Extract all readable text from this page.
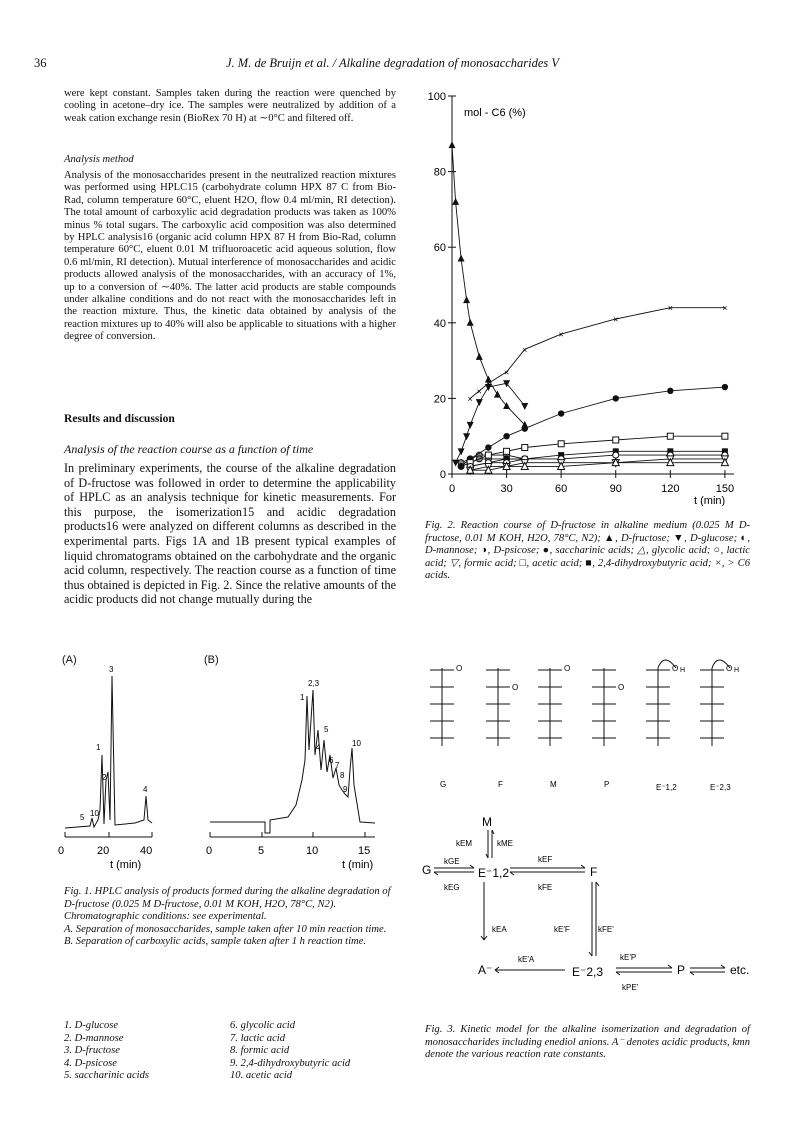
36	J. M. de Bruijn et al. / Alkaline degradation of monosaccharides V
were kept constant. Samples taken during the reaction were quenched by cooling in acetone–dry ice. The samples were neutralized by addition of a weak cation exchange resin (BioRex 70 H) at ∼0°C and filtered off.
Analysis method
Analysis of the monosaccharides present in the neutralized reaction mixtures was performed using HPLC15 (carbohydrate column HPX 87 C from Bio-Rad, column temperature 60°C, eluent H2O, flow 0.4 ml/min, RI detection). The total amount of carboxylic acid degradation products was taken as 100% minus % total sugars. The carboxylic acid composition was also determined by HPLC analysis16 (organic acid column HPX 87 H from Bio-Rad, column temperature 60°C, eluent 0.01 M trifluoroacetic acid aqueous solution, flow 0.6 ml/min, RI detection). Mutual interference of monosaccharides and acidic products allowed analysis of the monosaccharides, with an accuracy of 1%, up to a conversion of ∼40%. The latter acid products are stable compounds under alkaline conditions and do not react with the monosaccharides left in the reaction mixture. Thus, the kinetic data obtained by analysis of the reaction mixtures up to 40% will also be applicable to situations with a higher degree of conversion.
Results and discussion
Analysis of the reaction course as a function of time
In preliminary experiments, the course of the alkaline degradation of D-fructose was followed in order to determine the applicability of HPLC as an analysis technique for kinetic measurements. For this purpose, the isomerization15 and acidic degradation products16 were analyzed on different columns as described in the experimental parts. Figs 1A and 1B present typical examples of liquid chromatograms obtained on the carbohydrate and the organic acid column, respectively. The reaction course as a function of time thus obtained is depicted in Fig. 2. Since the relative amounts of the acidic products did not change mutually during the
0
20
40
60
80
100
0	30	60	90	120	150
×
×
×
×
×
×
×
×	×
mol - C6 (%)
t (min)
Fig. 2. Reaction course of D-fructose in alkaline medium (0.025 M D-fructose, 0.01 M KOH, H2O, 78°C, N2); ▲, D-fructose; ▼, D-glucose; ◐, D-mannose; ◑, D-psicose; ●, saccharinic acids; △, glycolic acid; ○, lactic acid; ▽, formic acid; □, acetic acid; ■, 2,4-dihydroxybutyric acid; ×, > C6 acids.
(A)	(B)
0	20	40
t (min)
3
1
2
4
5 10
0	5	10	15
t (min)
2,3
1
4
5
6
7
8
9
10
Fig. 1. HPLC analysis of products formed during the alkaline degradation of D-fructose (0.025 M D-fructose, 0.01 M KOH, H2O, 78°C, N2). Chromatographic conditions: see experimental.
A. Separation of monosaccharides, sample taken after 10 min reaction time.
B. Separation of carboxylic acids, sample taken after 1 h reaction time.
1. D-glucose
2. D-mannose
3. D-fructose
4. D-psicose
5. saccharinic acids
6. glycolic acid
7. lactic acid
8. formic acid
9. 2,4-dihydroxybutyric acid
10. acetic acid
O
O
O
O
O H	O H
G	F	M	P	E⁻1,2	E⁻2,3
M
G	E⁻1,2	F
A⁻	E⁻2,3	P	etc.
kEM	kME
kGE
kEG
kEF
kFE
kEA	kE'F	kFE'
kE'A	kE'P
kPE'
Fig. 3. Kinetic model for the alkaline isomerization and degradation of monosaccharides including enediol anions. A⁻ denotes acidic products, kmn denote the various reaction rate constants.
